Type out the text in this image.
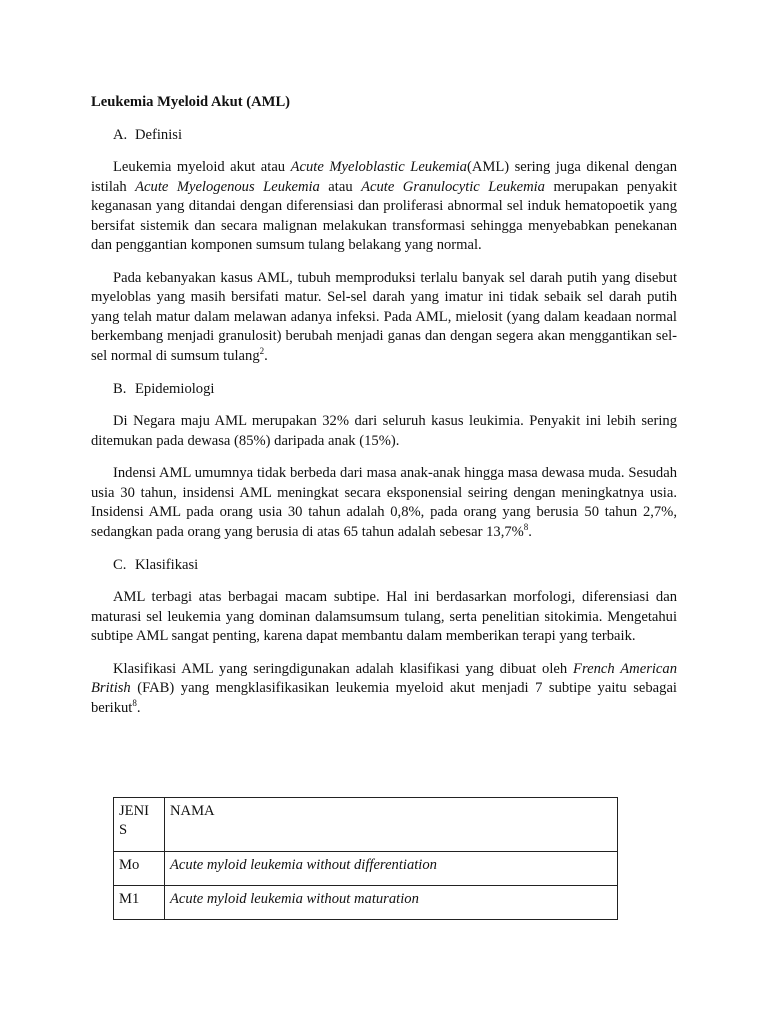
Leukemia Myeloid Akut (AML)
A. Definisi

Leukemia myeloid akut atau Acute Myeloblastic Leukemia(AML) sering juga dikenal dengan istilah Acute Myelogenous Leukemia atau Acute Granulocytic Leukemia merupakan penyakit keganasan yang ditandai dengan diferensiasi dan proliferasi abnormal sel induk hematopoetik yang bersifat sistemik dan secara malignan melakukan transformasi sehingga menyebabkan penekanan dan penggantian komponen sumsum tulang belakang yang normal.

Pada kebanyakan kasus AML, tubuh memproduksi terlalu banyak sel darah putih yang disebut myeloblas yang masih bersifati matur. Sel-sel darah yang imatur ini tidak sebaik sel darah putih yang telah matur dalam melawan adanya infeksi. Pada AML, mielosit (yang dalam keadaan normal berkembang menjadi granulosit) berubah menjadi ganas dan dengan segera akan menggantikan sel-sel normal di sumsum tulang$^2$.

B. Epidemiologi

Di Negara maju AML merupakan 32% dari seluruh kasus leukimia. Penyakit ini lebih sering ditemukan pada dewasa (85%) daripada anak (15%).

Indensi AML umumnya tidak berbeda dari masa anak-anak hingga masa dewasa muda. Sesudah usia 30 tahun, insidensi AML meningkat secara eksponensial seiring dengan meningkatnya usia. Insidensi AML pada orang usia 30 tahun adalah 0,8%, pada orang yang berusia 50 tahun 2,7%, sedangkan pada orang yang berusia di atas 65 tahun adalah sebesar 13,7%$^8$.

C. Klasifikasi

AML terbagi atas berbagai macam subtipe. Hal ini berdasarkan morfologi, diferensiasi dan maturasi sel leukemia yang dominan dalamsumsum tulang, serta penelitian sitokimia. Mengetahui subtipe AML sangat penting, karena dapat membantu dalam memberikan terapi yang terbaik.

Klasifikasi AML yang seringdigunakan adalah klasifikasi yang dibuat oleh French American British (FAB) yang mengklasifikasikan leukemia myeloid akut menjadi 7 subtipe yaitu sebagai berikut$^8$.

JENI
S	NAMA
Mo	Acute myloid leukemia without differentiation
M1	Acute myloid leukemia without maturation
